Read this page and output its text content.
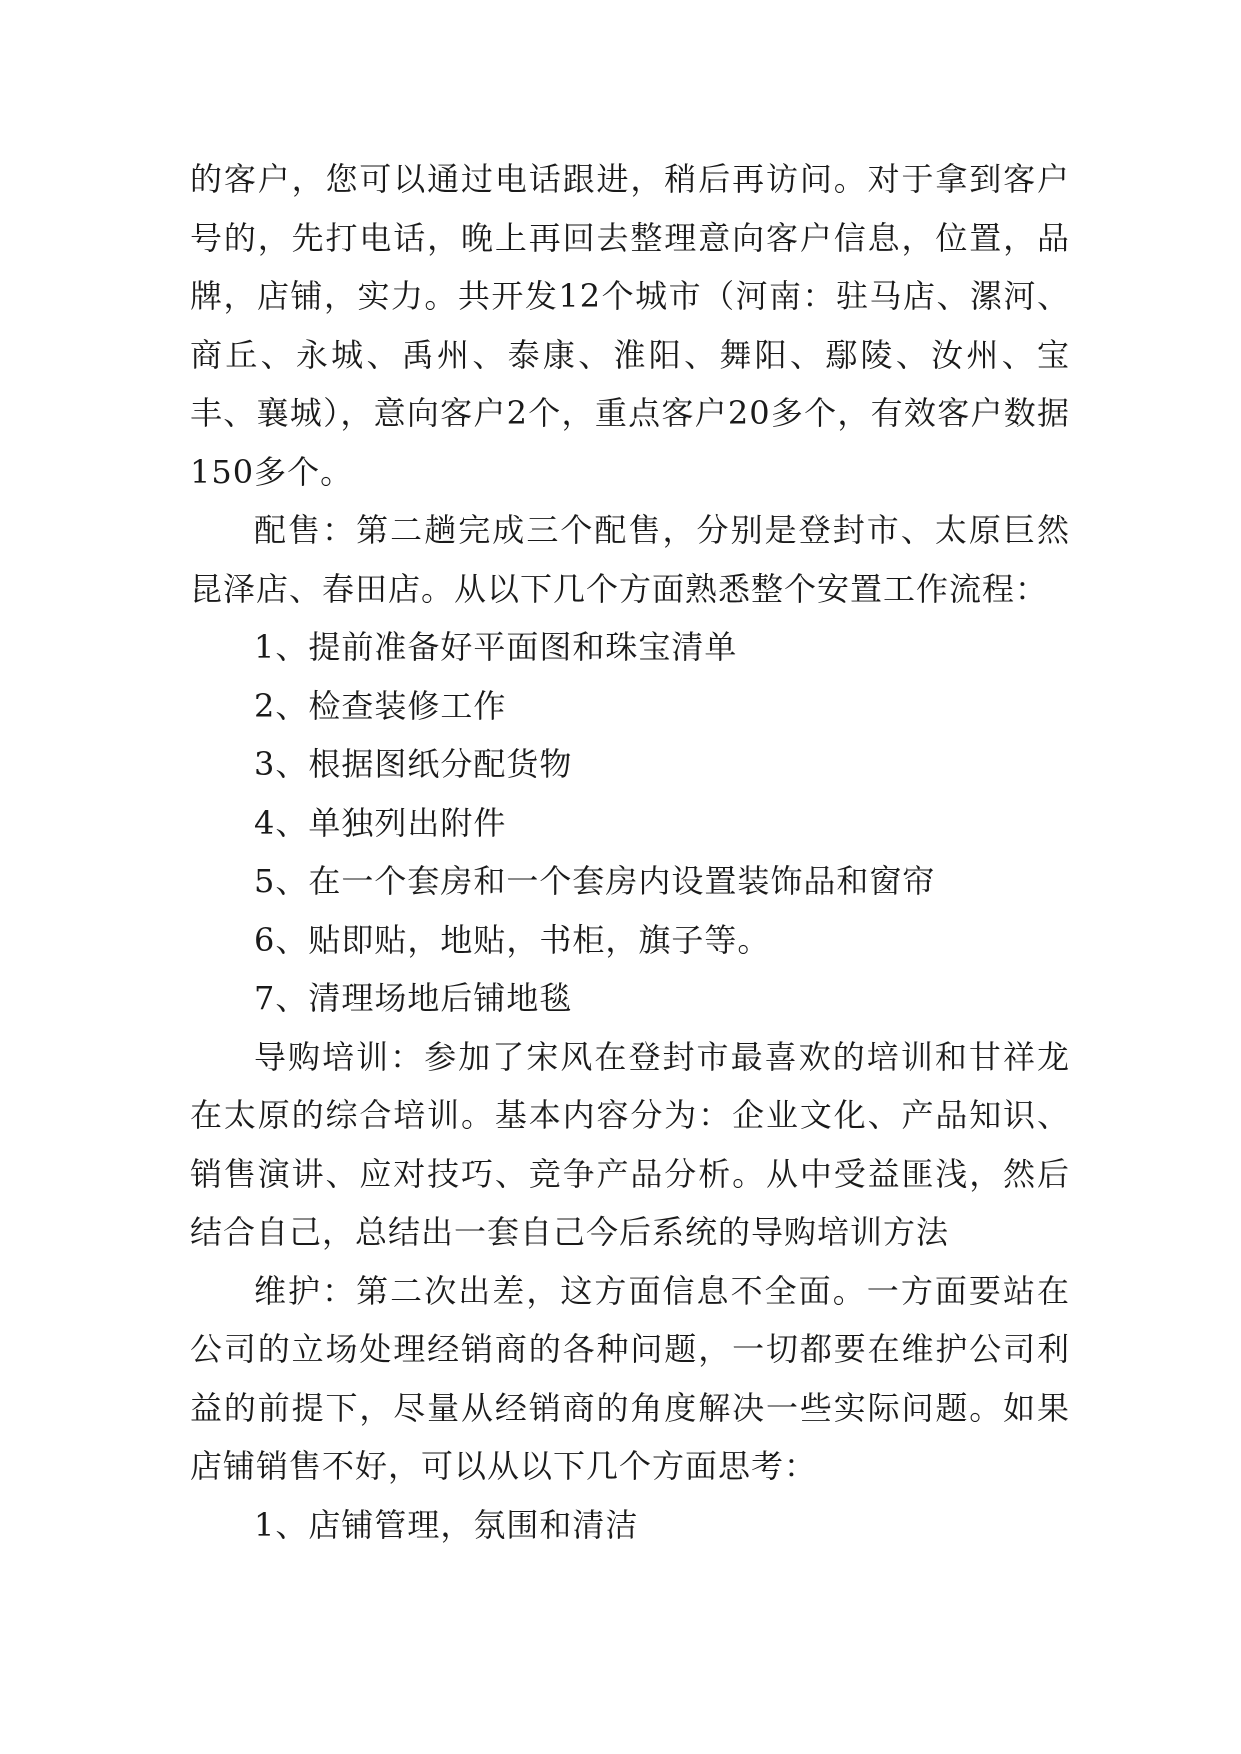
的客户，您可以通过电话跟进，稍后再访问。对于拿到客户号的，先打电话，晚上再回去整理意向客户信息，位置，品牌，店铺，实力。共开发12个城市（河南：驻马店、漯河、商丘、永城、禹州、泰康、淮阳、舞阳、鄢陵、汝州、宝丰、襄城），意向客户2个，重点客户20多个，有效客户数据150多个。

配售：第二趟完成三个配售，分别是登封市、太原巨然昆泽店、春田店。从以下几个方面熟悉整个安置工作流程：

1、提前准备好平面图和珠宝清单

2、检查装修工作

3、根据图纸分配货物

4、单独列出附件

5、在一个套房和一个套房内设置装饰品和窗帘

6、贴即贴，地贴，书柜，旗子等。

7、清理场地后铺地毯

导购培训：参加了宋风在登封市最喜欢的培训和甘祥龙在太原的综合培训。基本内容分为：企业文化、产品知识、销售演讲、应对技巧、竞争产品分析。从中受益匪浅，然后结合自己，总结出一套自己今后系统的导购培训方法

维护：第二次出差，这方面信息不全面。一方面要站在公司的立场处理经销商的各种问题，一切都要在维护公司利益的前提下，尽量从经销商的角度解决一些实际问题。如果店铺销售不好，可以从以下几个方面思考：

1、店铺管理，氛围和清洁
